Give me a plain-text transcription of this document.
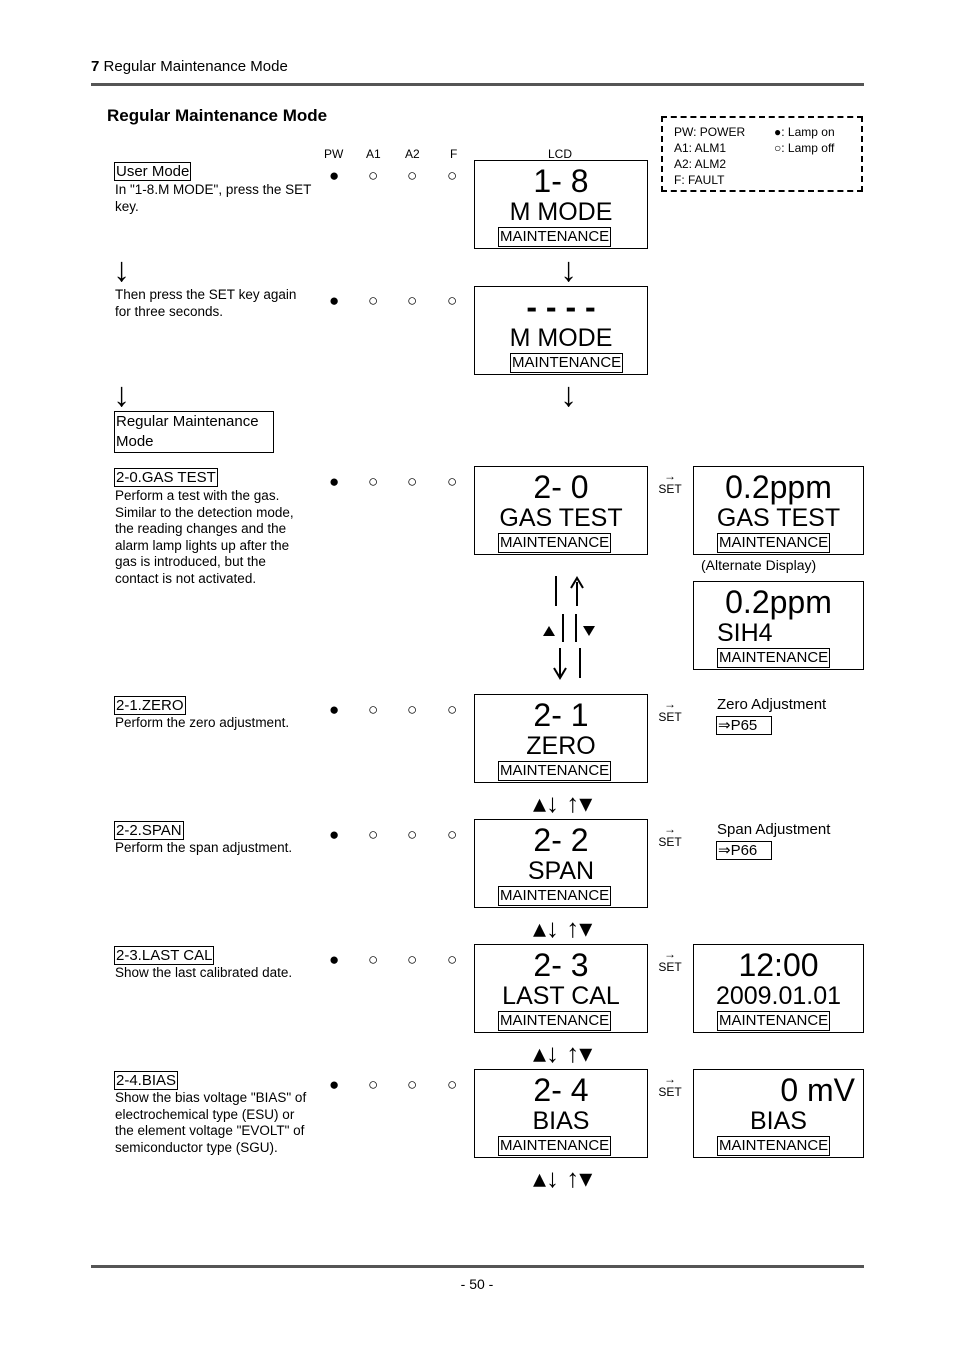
7 Regular Maintenance Mode
Regular Maintenance Mode
PW: POWER
A1: ALM1
A2: ALM2
F: FAULT
●: Lamp on
○: Lamp off
PW A1 A2	F	LCD
User Mode
In "1-8.M MODE", press the SET key.
● ○ ○ ○	1- 8
M MODE
MAINTENANCE
↓	↓
Then press the SET key again for three seconds.
● ○ ○ ○	- - - -
M MODE
MAINTENANCE
↓	↓
Regular Maintenance Mode
2-0.GAS TEST
Perform a test with the gas. Similar to the detection mode, the reading changes and the alarm lamp lights up after the gas is introduced, but the contact is not activated.
● ○ ○ ○	2- 0
GAS TEST
MAINTENANCE
→
SET	0.2ppm
GAS TEST
MAINTENANCE
(Alternate Display)
0.2ppm
SIH4
MAINTENANCE
2-1.ZERO
Perform the zero adjustment.
● ○ ○ ○	2- 1
ZERO
MAINTENANCE
→
SET
Zero Adjustment
⇒P65
▴↓ ↑▾
2-2.SPAN
Perform the span adjustment.
● ○ ○ ○	2- 2
SPAN
MAINTENANCE
→
SET
Span Adjustment
⇒P66
▴↓ ↑▾
2-3.LAST CAL
Show the last calibrated date.
● ○ ○ ○	2- 3
LAST CAL
MAINTENANCE
→
SET	12:00
2009.01.01
MAINTENANCE
▴↓ ↑▾
2-4.BIAS
Show the bias voltage "BIAS" of electrochemical type (ESU) or the element voltage "EVOLT" of semiconductor type (SGU).
● ○ ○ ○	2- 4
BIAS
MAINTENANCE
→
SET	0 mV
BIAS
MAINTENANCE
▴↓ ↑▾
- 50 -
